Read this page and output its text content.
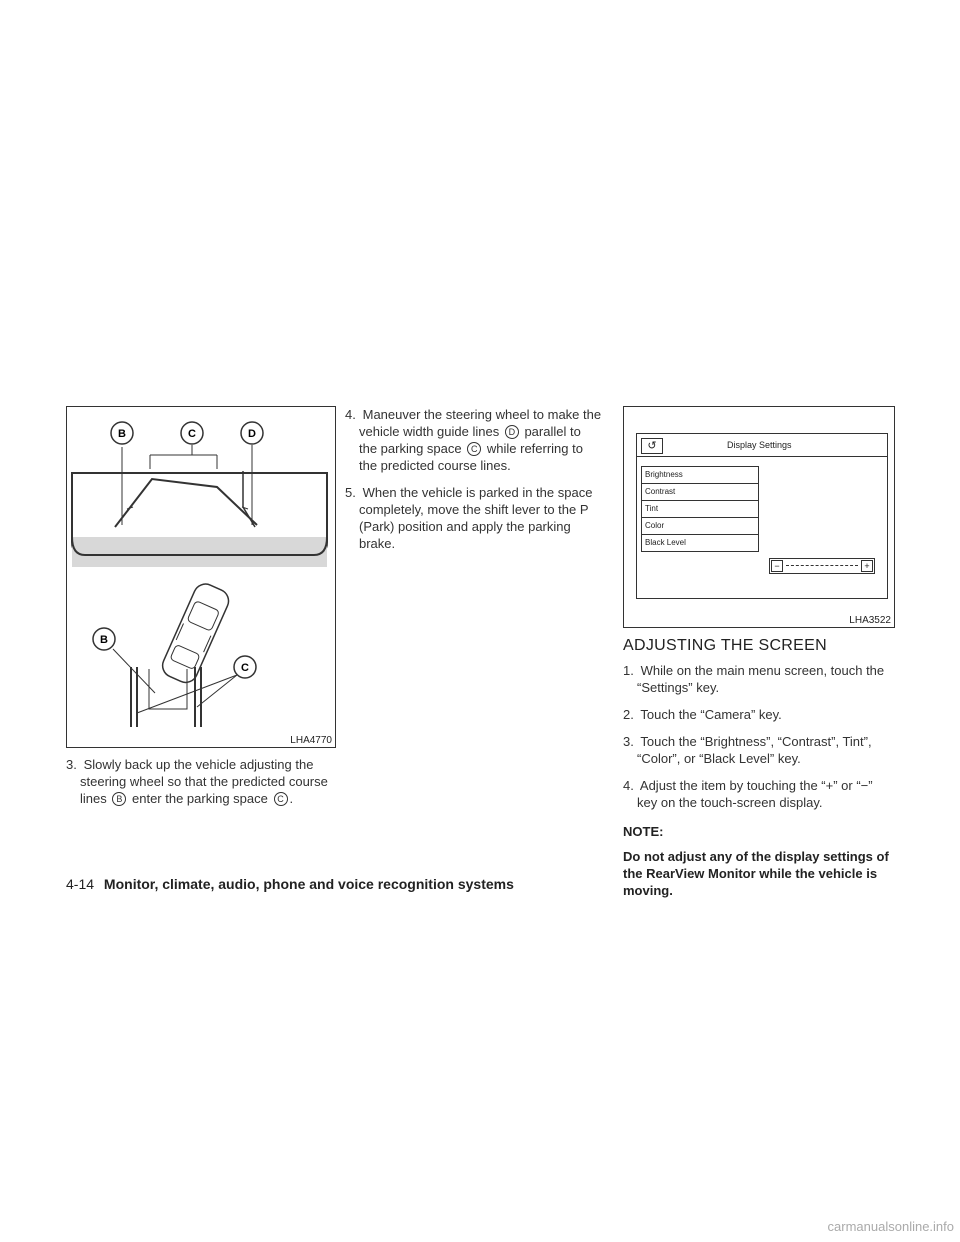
B	C	D
B
C
LHA4770

3. Slowly back up the vehicle adjusting the steering wheel so that the predicted course lines B enter the parking space C .

4. Maneuver the steering wheel to make the vehicle width guide lines D parallel to the parking space C while referring to the predicted course lines.

5. When the vehicle is parked in the space completely, move the shift lever to the P (Park) position and apply the parking brake.

↺	Display Settings
Brightness
Contrast
Tint
Color
Black Level
−	+
LHA3522
ADJUSTING THE SCREEN

1. While on the main menu screen, touch the “Settings” key.

2. Touch the “Camera” key.

3. Touch the “Brightness”, “Contrast”, Tint”, “Color”, or “Black Level” key.

4. Adjust the item by touching the “+” or “−” key on the touch-screen display.

NOTE:

Do not adjust any of the display settings of the RearView Monitor while the vehicle is moving.

4-14 Monitor, climate, audio, phone and voice recognition systems
carmanualsonline.info
